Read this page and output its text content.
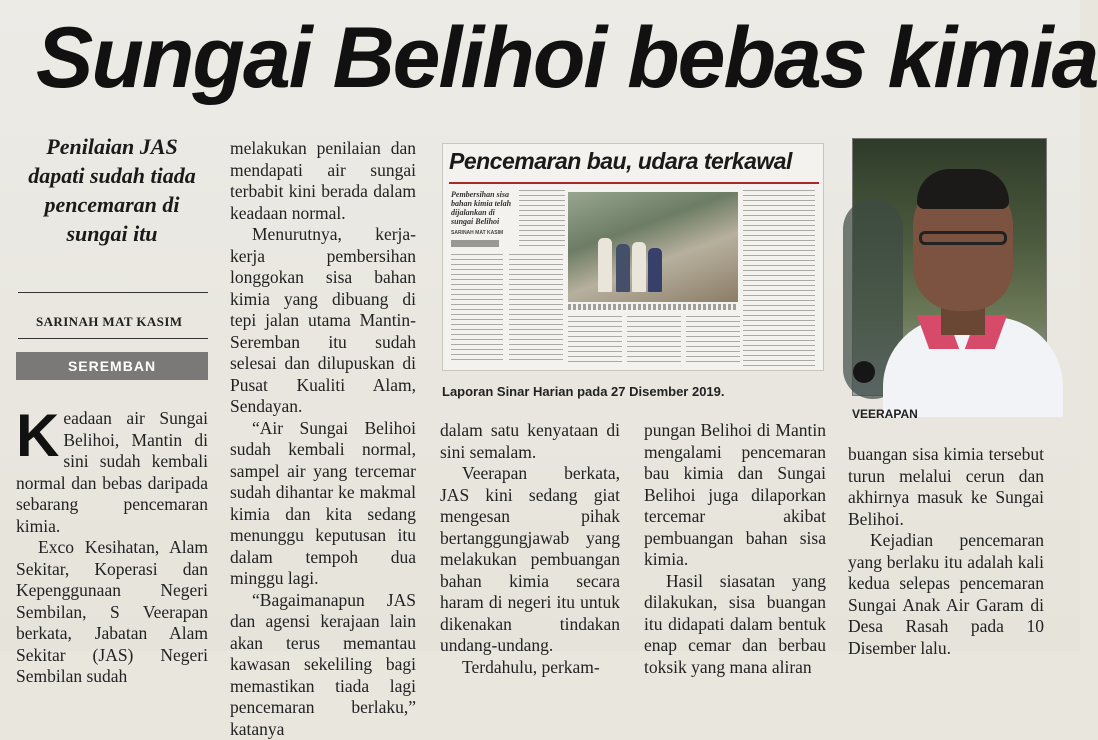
Sungai Belihoi bebas kimia
Penilaian JAS dapati sudah tiada pencemaran di sungai itu
SARINAH MAT KASIM
SEREMBAN

Keadaan air Sungai Belihoi, Mantin di sini sudah kembali normal dan bebas daripada sebarang pencemaran kimia.

Exco Kesihatan, Alam Sekitar, Koperasi dan Kepenggunaan Negeri Sembilan, S Veerapan berkata, Jabatan Alam Sekitar (JAS) Negeri Sembilan sudah

melakukan penilaian dan mendapati air sungai terbabit kini berada dalam keadaan normal.

Menurutnya, kerja-kerja pembersihan longgokan sisa bahan kimia yang dibuang di tepi jalan utama Mantin-Seremban itu sudah selesai dan dilupuskan di Pusat Kualiti Alam, Sendayan.

“Air Sungai Belihoi sudah kembali normal, sampel air yang tercemar sudah dihantar ke makmal kimia dan kita sedang menunggu keputusan itu dalam tempoh dua minggu lagi.

“Bagaimanapun JAS dan agensi kerajaan lain akan terus memantau kawasan sekeliling bagi memastikan tiada lagi pencemaran berlaku,” katanya

Pencemaran bau, udara terkawal
Pembersihan sisa bahan kimia telah dijalankan di sungai Belihoi
SARINAH MAT KASIM
Laporan Sinar Harian pada 27 Disember 2019.

dalam satu kenyataan di sini semalam.

Veerapan berkata, JAS kini sedang giat mengesan pihak bertanggungjawab yang melakukan pembuangan bahan kimia secara haram di negeri itu untuk dikenakan tindakan undang-undang.

Terdahulu, perkam-

pungan Belihoi di Mantin mengalami pencemaran bau kimia dan Sungai Belihoi juga dilaporkan tercemar akibat pembuangan bahan sisa kimia.

Hasil siasatan yang dilakukan, sisa buangan itu didapati dalam bentuk enap cemar dan berbau toksik yang mana aliran

VEERAPAN

buangan sisa kimia tersebut turun melalui cerun dan akhirnya masuk ke Sungai Belihoi.

Kejadian pencemaran yang berlaku itu adalah kali kedua selepas pencemaran Sungai Anak Air Garam di Desa Rasah pada 10 Disember lalu.
